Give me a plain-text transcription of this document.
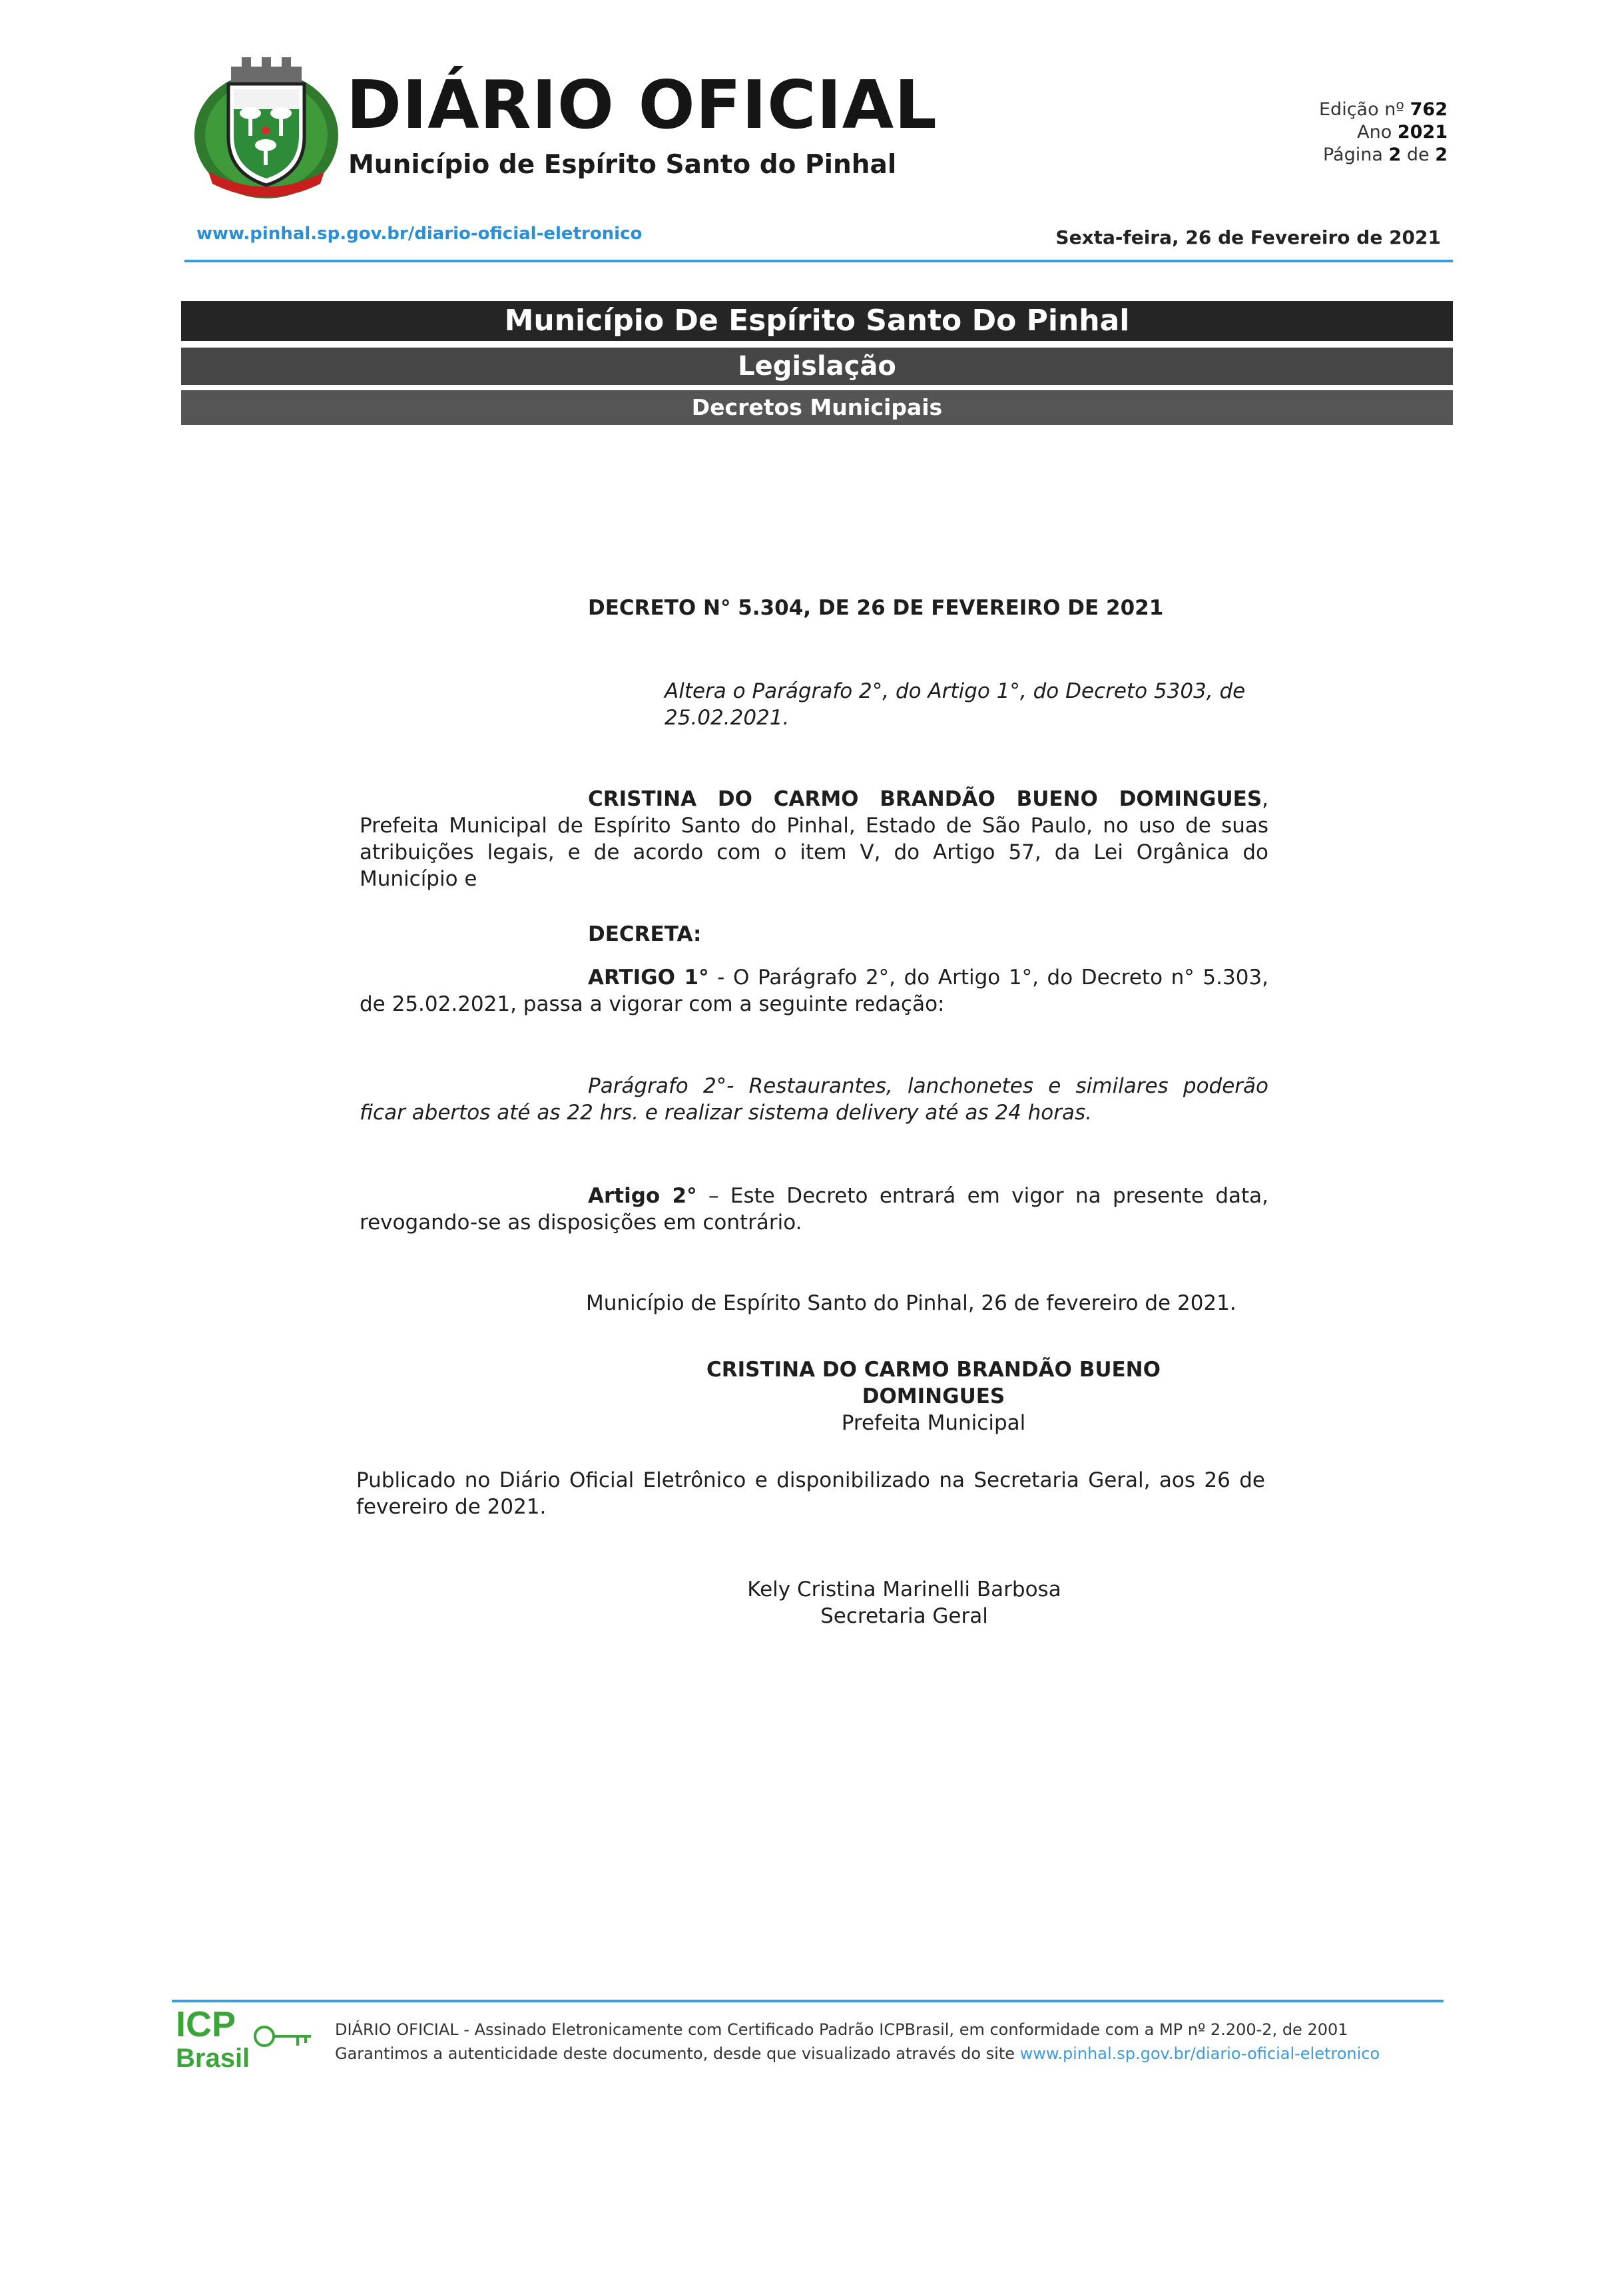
DIÁRIO OFICIAL
Município de Espírito Santo do Pinhal
Edição nº 762
Ano 2021
Página 2 de 2
www.pinhal.sp.gov.br/diario-oficial-eletronico	Sexta-feira, 26 de Fevereiro de 2021
Município De Espírito Santo Do Pinhal
Legislação
Decretos Municipais
DECRETO N° 5.304, DE 26 DE FEVEREIRO DE 2021
Altera o Parágrafo 2°, do Artigo 1°, do Decreto 5303, de 25.02.2021.
CRISTINA DO CARMO BRANDÃO BUENO DOMINGUES, Prefeita Municipal de Espírito Santo do Pinhal, Estado de São Paulo, no uso de suas atribuições legais, e de acordo com o item V, do Artigo 57, da Lei Orgânica do Município e
DECRETA:
ARTIGO 1° - O Parágrafo 2°, do Artigo 1°, do Decreto n° 5.303, de 25.02.2021, passa a vigorar com a seguinte redação:
Parágrafo 2°- Restaurantes, lanchonetes e similares poderão ficar abertos até as 22 hrs. e realizar sistema delivery até as 24 horas.
Artigo 2° – Este Decreto entrará em vigor na presente data, revogando-se as disposições em contrário.
Município de Espírito Santo do Pinhal, 26 de fevereiro de 2021.
CRISTINA DO CARMO BRANDÃO BUENO DOMINGUES
Prefeita Municipal
Publicado no Diário Oficial Eletrônico e disponibilizado na Secretaria Geral, aos 26 de fevereiro de 2021.
Kely Cristina Marinelli Barbosa
Secretaria Geral
ICP
Brasil
DIÁRIO OFICIAL - Assinado Eletronicamente com Certificado Padrão ICPBrasil, em conformidade com a MP nº 2.200-2, de 2001
Garantimos a autenticidade deste documento, desde que visualizado através do site www.pinhal.sp.gov.br/diario-oficial-eletronico
